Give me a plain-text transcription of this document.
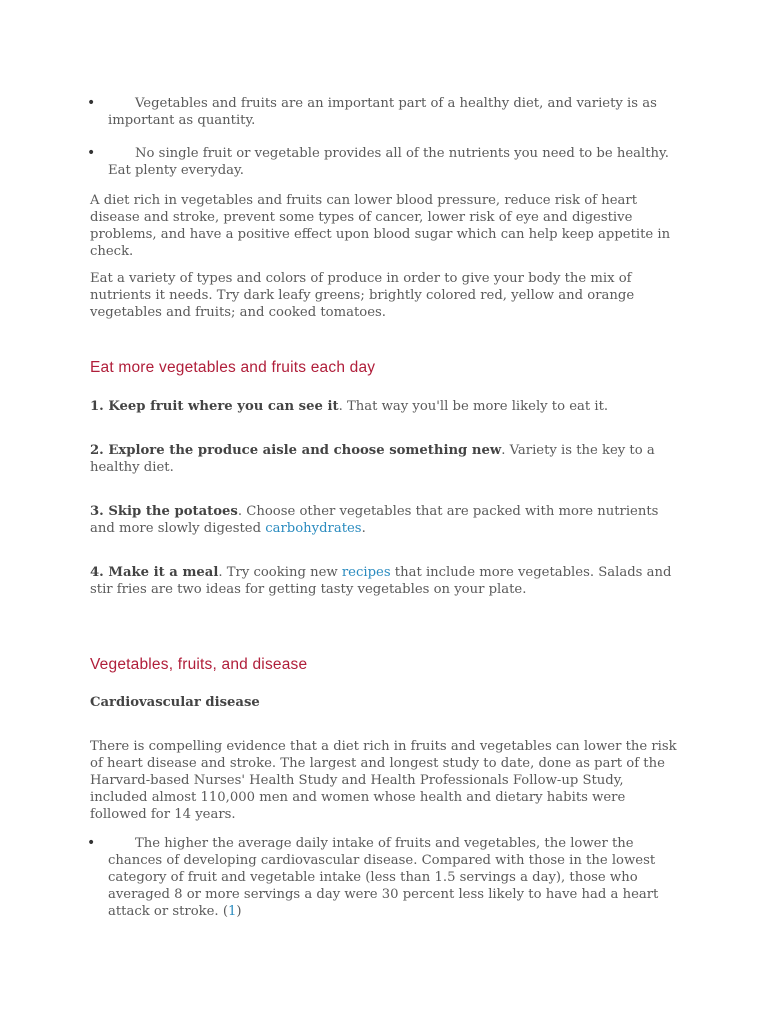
•	Vegetables and fruits are an important part of a healthy diet, and variety is as important as quantity.
•	No single fruit or vegetable provides all of the nutrients you need to be healthy. Eat plenty everyday.
A diet rich in vegetables and fruits can lower blood pressure, reduce risk of heart disease and stroke, prevent some types of cancer, lower risk of eye and digestive problems, and have a positive effect upon blood sugar which can help keep appetite in check.
Eat a variety of types and colors of produce in order to give your body the mix of nutrients it needs. Try dark leafy greens; brightly colored red, yellow and orange vegetables and fruits; and cooked tomatoes.
Eat more vegetables and fruits each day
1. Keep fruit where you can see it. That way you'll be more likely to eat it.
2. Explore the produce aisle and choose something new. Variety is the key to a healthy diet.
3. Skip the potatoes. Choose other vegetables that are packed with more nutrients and more slowly digested carbohydrates.
4. Make it a meal. Try cooking new recipes that include more vegetables. Salads and stir fries are two ideas for getting tasty vegetables on your plate.
Vegetables, fruits, and disease
Cardiovascular disease
There is compelling evidence that a diet rich in fruits and vegetables can lower the risk of heart disease and stroke. The largest and longest study to date, done as part of the Harvard-based Nurses' Health Study and Health Professionals Follow-up Study, included almost 110,000 men and women whose health and dietary habits were followed for 14 years.
•	The higher the average daily intake of fruits and vegetables, the lower the chances of developing cardiovascular disease. Compared with those in the lowest category of fruit and vegetable intake (less than 1.5 servings a day), those who averaged 8 or more servings a day were 30 percent less likely to have had a heart attack or stroke. (1)
